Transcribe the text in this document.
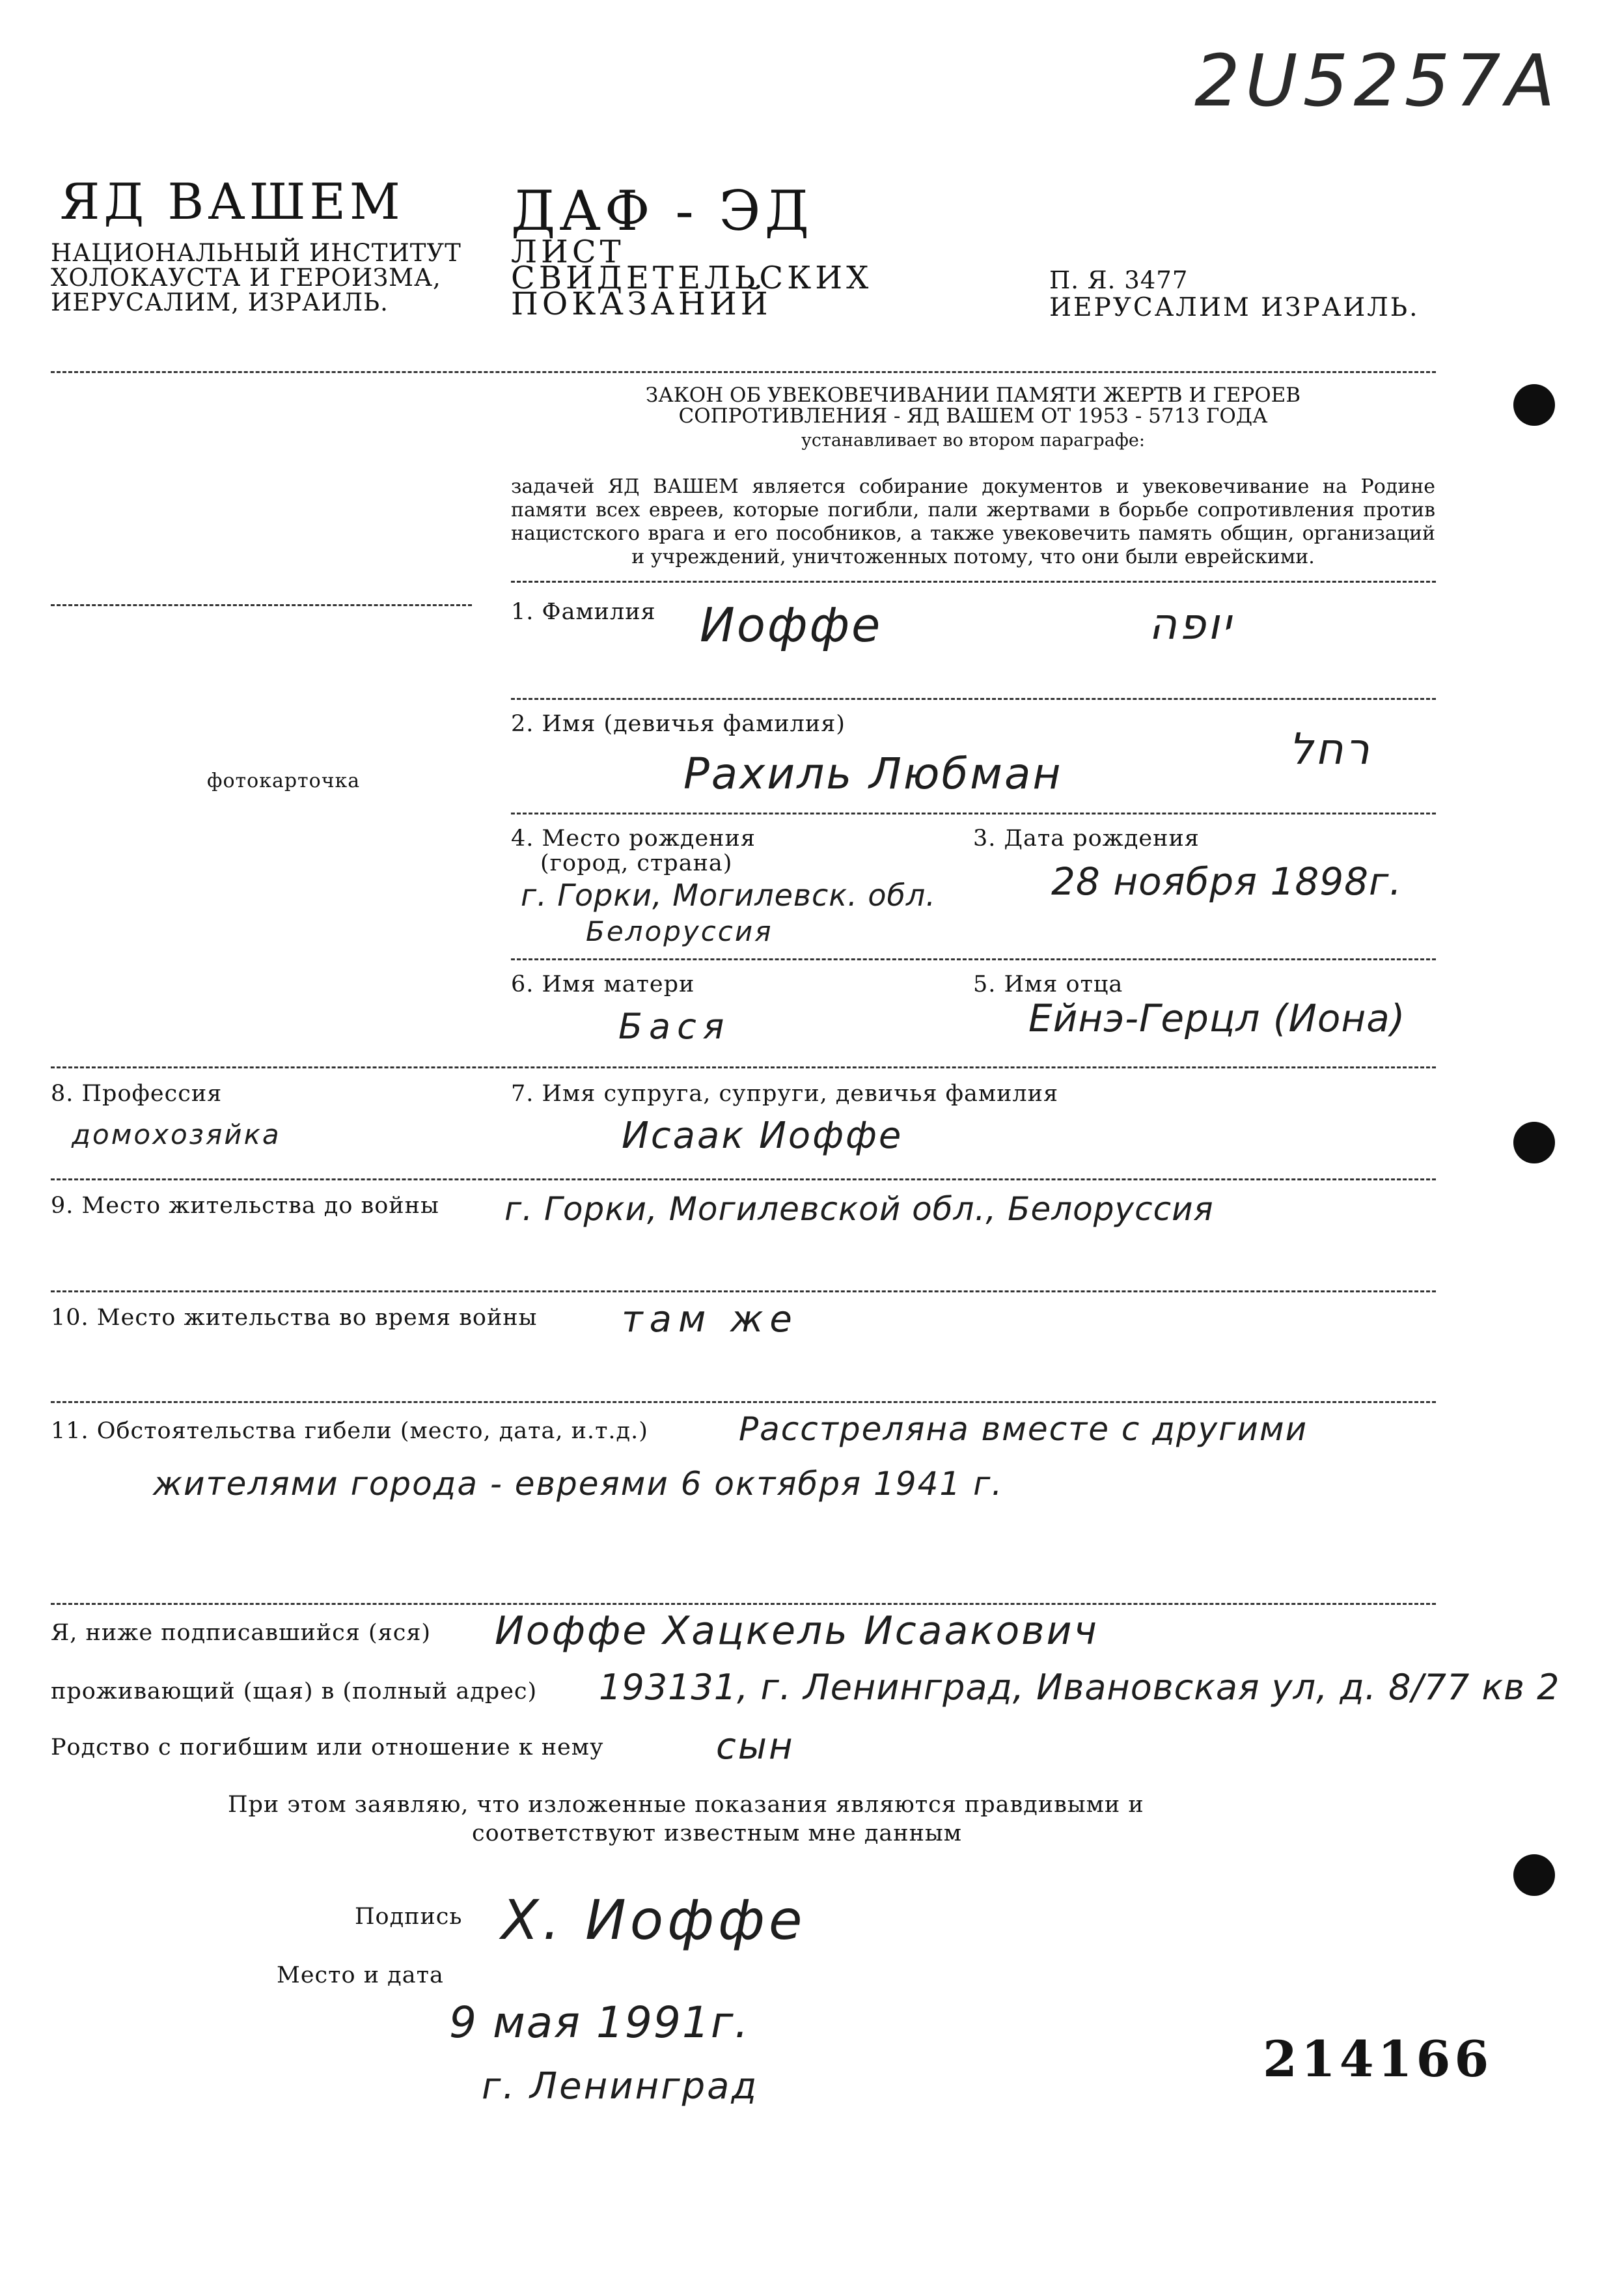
2U5257A
ЯД ВАШЕМ
НАЦИОНАЛЬНЫЙ ИНСТИТУТ
ХОЛОКАУСТА И ГЕРОИЗМА,
ИЕРУСАЛИМ, ИЗРАИЛЬ.
ДАФ - ЭД
ЛИСТ
СВИДЕТЕЛЬСКИХ
ПОКАЗАНИЙ
П. Я. 3477
ИЕРУСАЛИМ ИЗРАИЛЬ.
ЗАКОН ОБ УВЕКОВЕЧИВАНИИ ПАМЯТИ ЖЕРТВ И ГЕРОЕВ
СОПРОТИВЛЕНИЯ - ЯД ВАШЕМ ОТ 1953 - 5713 ГОДА
устанавливает во втором параграфе:
задачей ЯД ВАШЕМ является собирание документов и увековечивание на Родине памяти всех евреев, которые погибли, пали жертвами в борьбе сопротивления против нацистского врага и его пособников, а также увековечить память общин, организаций и учреждений, уничтоженных потому, что они были еврейскими.
фотокарточка
1. Фамилия Иоффе	יופה
2. Имя (девичья фамилия)
Рахиль Любман	רחל
4. Место рождения
(город, страна)
г. Горки, Могилевск. обл.
Белоруссия
3. Дата рождения
28 ноября 1898г.
6. Имя матери
Бася
5. Имя отца
Ейнэ-Герцл (Иона)
8. Профессия
домохозяйка
7. Имя супруга, супруги, девичья фамилия
Исаак Иоффе
9. Место жительства до войны г. Горки, Могилевской обл., Белоруссия
10. Место жительства во время войны там же
11. Обстоятельства гибели (место, дата, и.т.д.)	Расстреляна вместе с другими
жителями города - евреями 6 октября 1941 г.
Я, ниже подписавшийся (яся) Иоффе Хацкель Исаакович
проживающий (щая) в (полный адрес) 193131, г. Ленинград, Ивановская ул, д. 8/77 кв 2
Родство с погибшим или отношение к нему	сын
При этом заявляю, что изложенные показания являются правдивыми и
соответствуют известным мне данным
Подпись Х. Иоффе
Место и дата
9 мая 1991г.
г. Ленинград	214166
